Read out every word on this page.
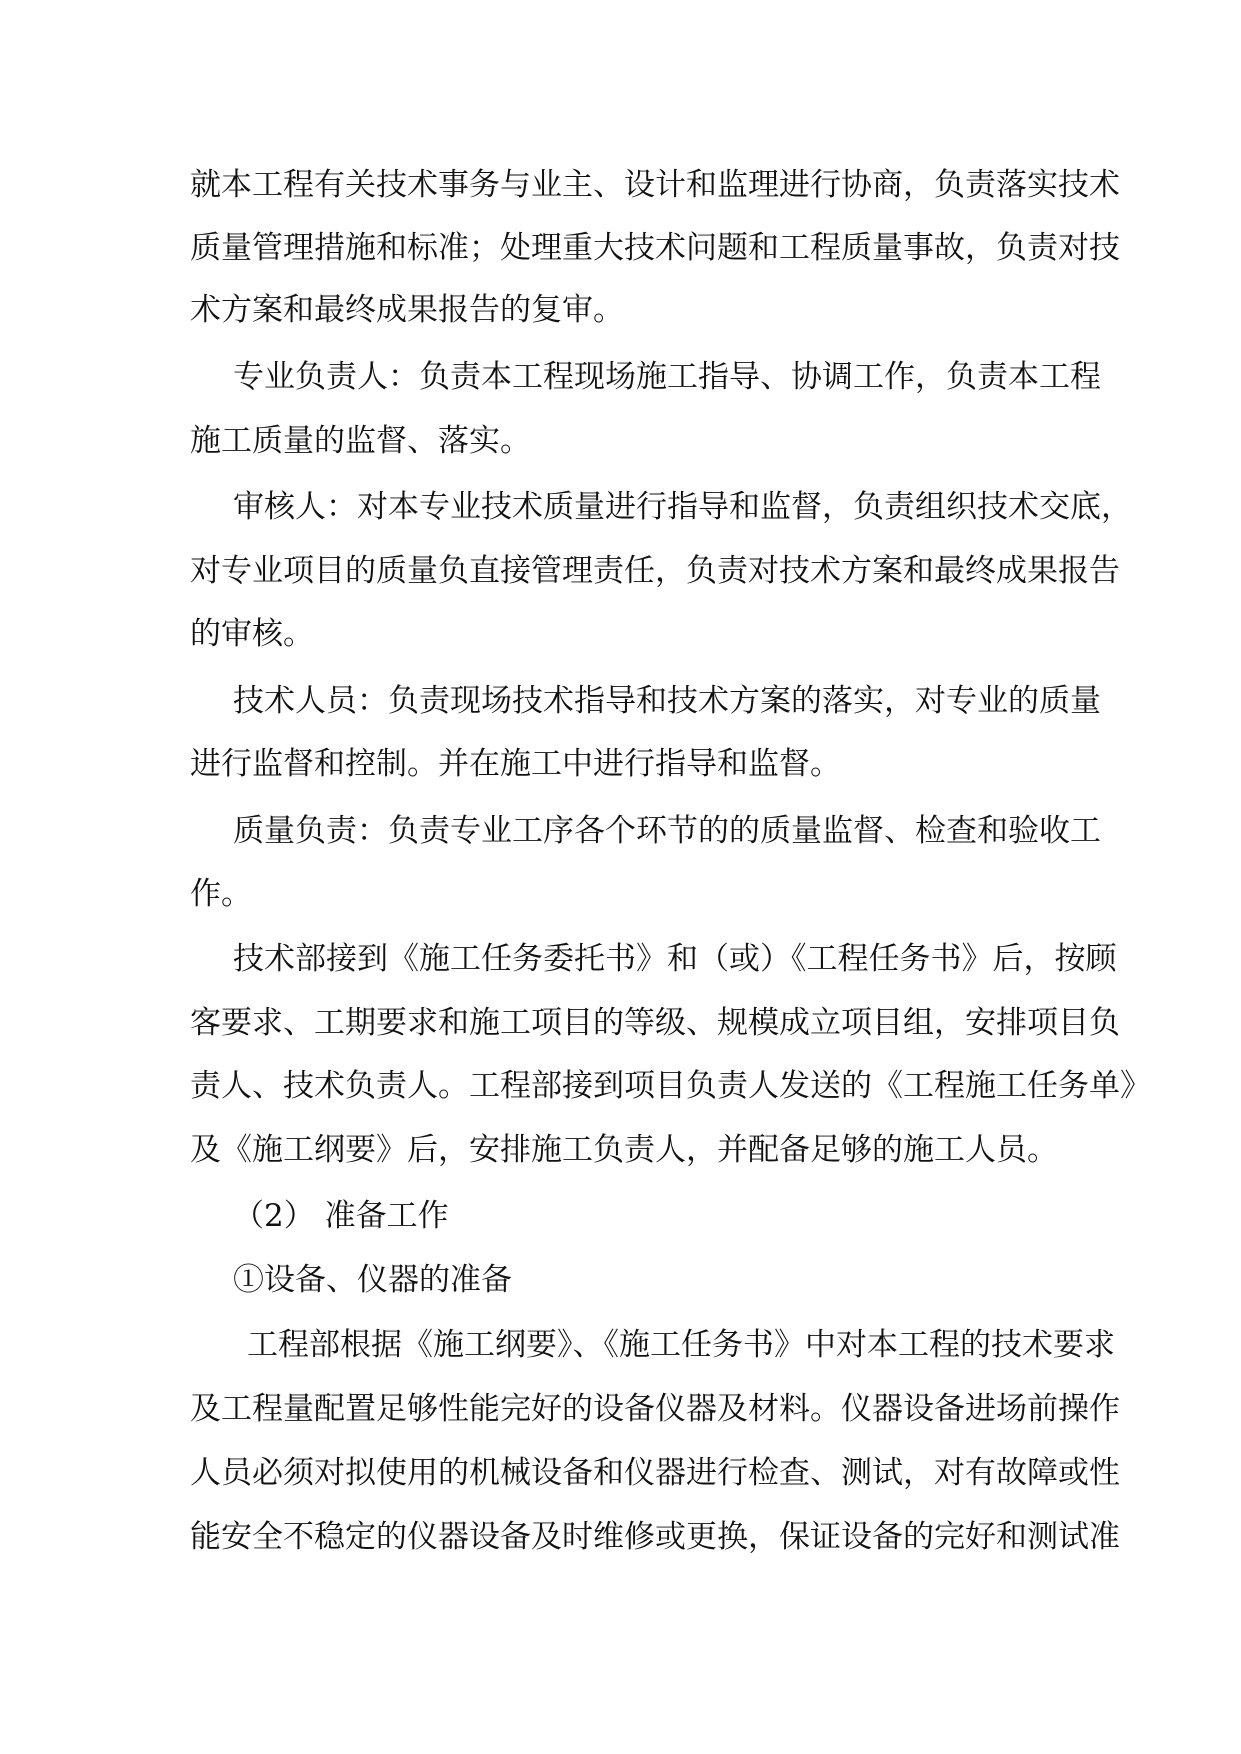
就本工程有关技术事务与业主、设计和监理进行协商，负责落实技术
质量管理措施和标准；处理重大技术问题和工程质量事故，负责对技
术方案和最终成果报告的复审。
专业负责人：负责本工程现场施工指导、协调工作，负责本工程
施工质量的监督、落实。
审核人：对本专业技术质量进行指导和监督，负责组织技术交底，
对专业项目的质量负直接管理责任，负责对技术方案和最终成果报告
的审核。
技术人员：负责现场技术指导和技术方案的落实，对专业的质量
进行监督和控制。并在施工中进行指导和监督。
质量负责：负责专业工序各个环节的的质量监督、检查和验收工
作。
技术部接到《施工任务委托书》和（或）《工程任务书》后，按顾
客要求、工期要求和施工项目的等级、规模成立项目组，安排项目负
责人、技术负责人。工程部接到项目负责人发送的《工程施工任务单》
及《施工纲要》后，安排施工负责人，并配备足够的施工人员。
（2） 准备工作
①设备、仪器的准备
工程部根据《施工纲要》、《施工任务书》中对本工程的技术要求
及工程量配置足够性能完好的设备仪器及材料。仪器设备进场前操作
人员必须对拟使用的机械设备和仪器进行检查、测试，对有故障或性
能安全不稳定的仪器设备及时维修或更换，保证设备的完好和测试准
